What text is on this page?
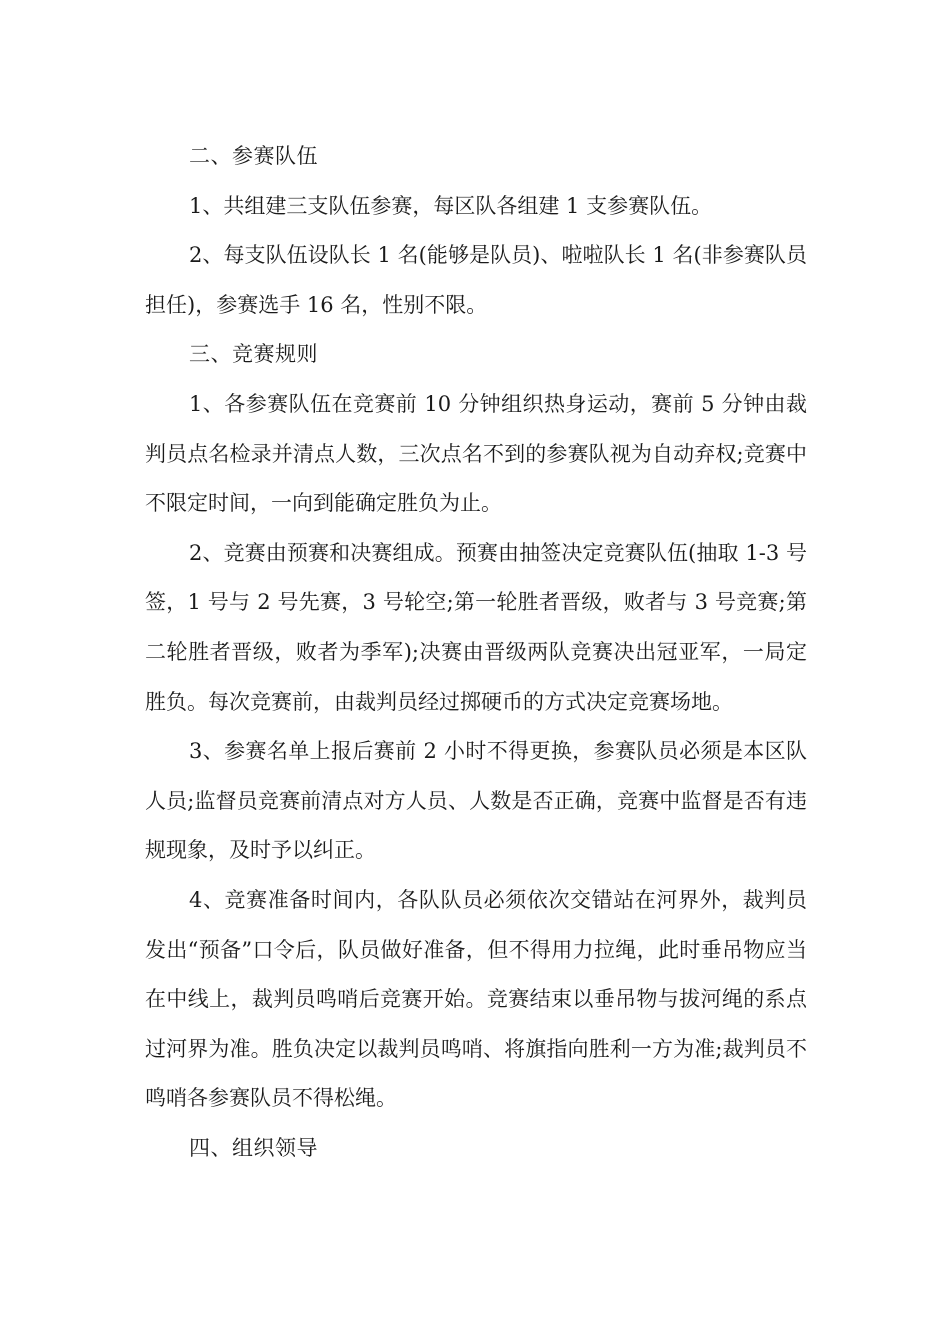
二、参赛队伍

1、共组建三支队伍参赛，每区队各组建 1 支参赛队伍。

2、每支队伍设队长 1 名(能够是队员)、啦啦队长 1 名(非参赛队员担任)，参赛选手 16 名，性别不限。

三、竞赛规则

1、各参赛队伍在竞赛前 10 分钟组织热身运动，赛前 5 分钟由裁判员点名检录并清点人数，三次点名不到的参赛队视为自动弃权;竞赛中不限定时间，一向到能确定胜负为止。

2、竞赛由预赛和决赛组成。预赛由抽签决定竞赛队伍(抽取 1-3 号签，1 号与 2 号先赛，3 号轮空;第一轮胜者晋级，败者与 3 号竞赛;第二轮胜者晋级，败者为季军);决赛由晋级两队竞赛决出冠亚军，一局定胜负。每次竞赛前，由裁判员经过掷硬币的方式决定竞赛场地。

3、参赛名单上报后赛前 2 小时不得更换，参赛队员必须是本区队人员;监督员竞赛前清点对方人员、人数是否正确，竞赛中监督是否有违规现象，及时予以纠正。

4、竞赛准备时间内，各队队员必须依次交错站在河界外，裁判员发出“预备”口令后，队员做好准备，但不得用力拉绳，此时垂吊物应当在中线上，裁判员鸣哨后竞赛开始。竞赛结束以垂吊物与拔河绳的系点过河界为准。胜负决定以裁判员鸣哨、将旗指向胜利一方为准;裁判员不鸣哨各参赛队员不得松绳。

四、组织领导
